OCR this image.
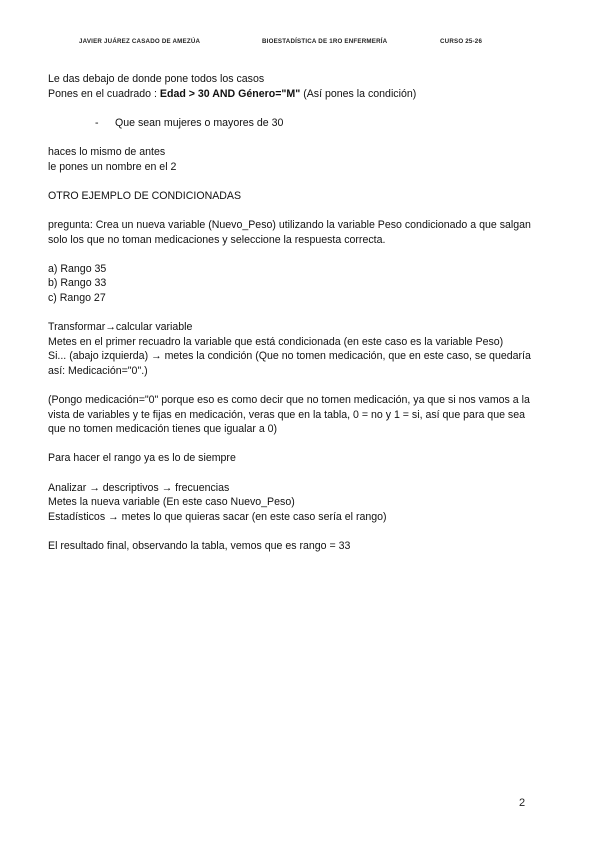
JAVIER JUÁREZ CASADO DE AMEZÚA	BIOESTADÍSTICA DE 1RO ENFERMERÍA	CURSO 25-26

Le das debajo de donde pone todos los casos

Pones en el cuadrado : Edad > 30 AND Género="M" (Así pones la condición)

- Que sean mujeres o mayores de 30

haces lo mismo de antes

le pones un nombre en el 2

OTRO EJEMPLO DE CONDICIONADAS

pregunta: Crea un nueva variable (Nuevo_Peso) utilizando la variable Peso condicionado a que salgan

solo los que no toman medicaciones y seleccione la respuesta correcta.

a) Rango 35

b) Rango 33

c) Rango 27

Transformar→calcular variable

Metes en el primer recuadro la variable que está condicionada (en este caso es la variable Peso)

Si... (abajo izquierda) → metes la condición (Que no tomen medicación, que en este caso, se quedaría

así: Medicación="0".)

(Pongo medicación="0" porque eso es como decir que no tomen medicación, ya que si nos vamos a la

vista de variables y te fijas en medicación, veras que en la tabla, 0 = no y 1 = si, así que para que sea

que no tomen medicación tienes que igualar a 0)

Para hacer el rango ya es lo de siempre

Analizar → descriptivos → frecuencias

Metes la nueva variable (En este caso Nuevo_Peso)

Estadísticos → metes lo que quieras sacar (en este caso sería el rango)

El resultado final, observando la tabla, vemos que es rango = 33

2
